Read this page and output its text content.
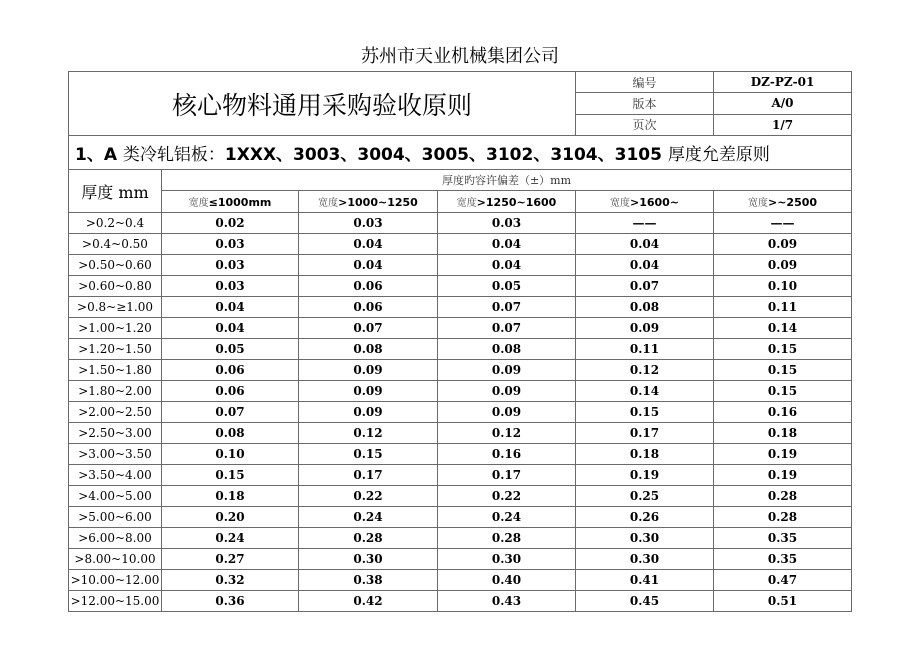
苏州市天业机械集团公司
核心物料通用采购验收原则				编号	DZ-PZ-01
				版本	A/0
				页次	1/7
1、A 类冷轧铝板：1XXX、3003、3004、3005、3102、3104、3105 厚度允差原则					
厚度 mm	厚度旳容许偏差（±）mm				
	宽度≤1000mm	宽度>1000~1250	宽度>1250~1600	宽度>1600~	宽度>~2500
>0.2~0.4	0.02	0.03	0.03	——	——
>0.4~0.50	0.03	0.04	0.04	0.04	0.09
>0.50~0.60	0.03	0.04	0.04	0.04	0.09
>0.60~0.80	0.03	0.06	0.05	0.07	0.10
>0.8~≥1.00	0.04	0.06	0.07	0.08	0.11
>1.00~1.20	0.04	0.07	0.07	0.09	0.14
>1.20~1.50	0.05	0.08	0.08	0.11	0.15
>1.50~1.80	0.06	0.09	0.09	0.12	0.15
>1.80~2.00	0.06	0.09	0.09	0.14	0.15
>2.00~2.50	0.07	0.09	0.09	0.15	0.16
>2.50~3.00	0.08	0.12	0.12	0.17	0.18
>3.00~3.50	0.10	0.15	0.16	0.18	0.19
>3.50~4.00	0.15	0.17	0.17	0.19	0.19
>4.00~5.00	0.18	0.22	0.22	0.25	0.28
>5.00~6.00	0.20	0.24	0.24	0.26	0.28
>6.00~8.00	0.24	0.28	0.28	0.30	0.35
>8.00~10.00	0.27	0.30	0.30	0.30	0.35
>10.00~12.00	0.32	0.38	0.40	0.41	0.47
>12.00~15.00	0.36	0.42	0.43	0.45	0.51
